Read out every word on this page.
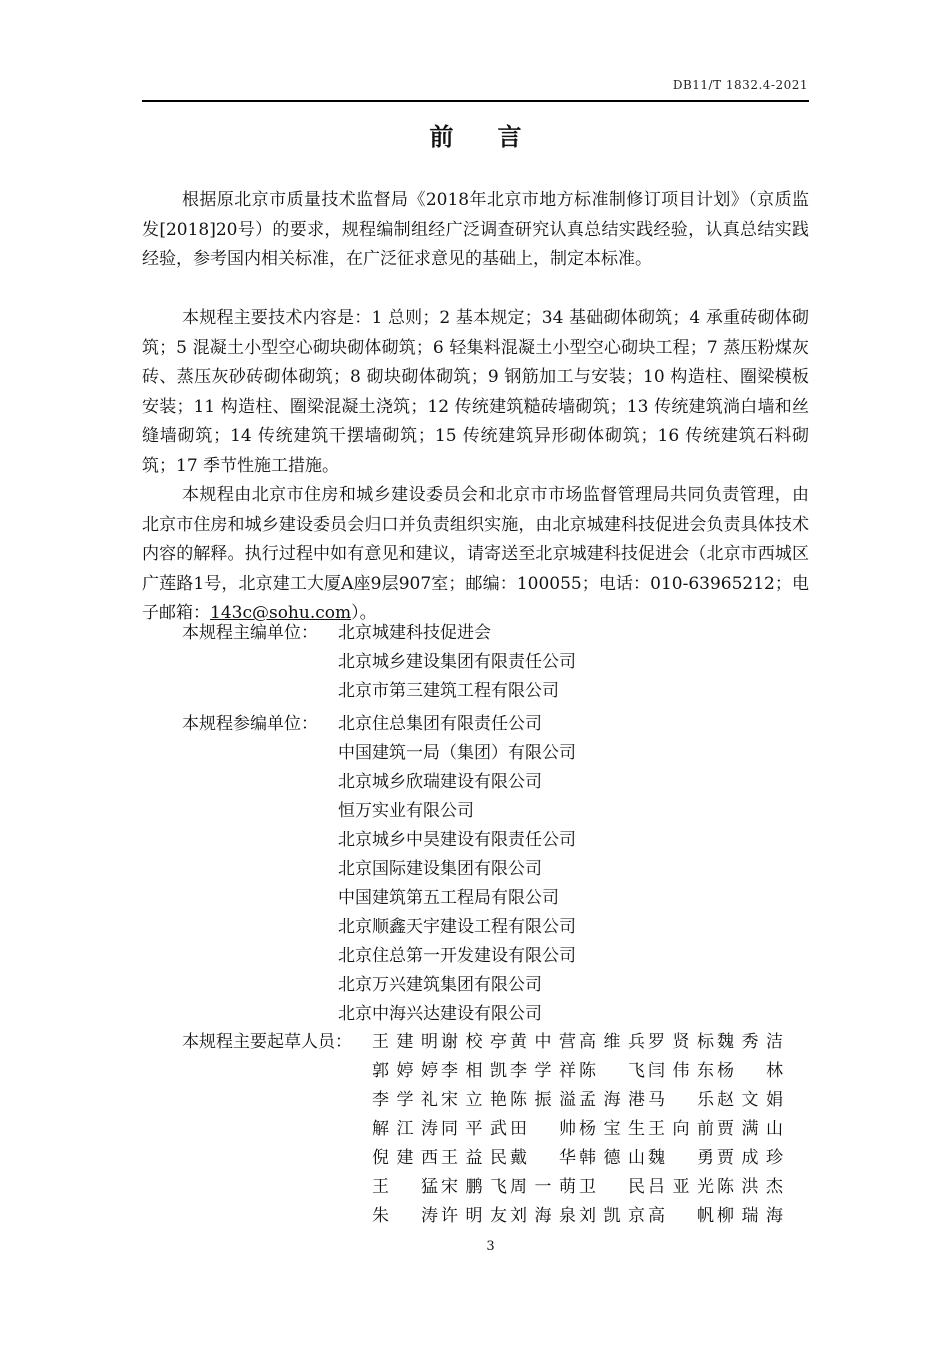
DB11/T 1832.4-2021
前言

根据原北京市质量技术监督局《2018年北京市地方标准制修订项目计划》（京质监发[2018]20号）的要求，规程编制组经广泛调查研究认真总结实践经验，认真总结实践经验，参考国内相关标准，在广泛征求意见的基础上，制定本标准。

本规程主要技术内容是：1 总则；2 基本规定；34 基础砌体砌筑；4 承重砖砌体砌筑；5 混凝土小型空心砌块砌体砌筑；6 轻集料混凝土小型空心砌块工程；7 蒸压粉煤灰砖、蒸压灰砂砖砌体砌筑；8 砌块砌体砌筑；9 钢筋加工与安装；10 构造柱、圈梁模板安装；11 构造柱、圈梁混凝土浇筑；12 传统建筑糙砖墙砌筑；13 传统建筑淌白墙和丝缝墙砌筑；14 传统建筑干摆墙砌筑；15 传统建筑异形砌体砌筑；16 传统建筑石料砌筑；17 季节性施工措施。

本规程由北京市住房和城乡建设委员会和北京市市场监督管理局共同负责管理，由北京市住房和城乡建设委员会归口并负责组织实施，由北京城建科技促进会负责具体技术内容的解释。执行过程中如有意见和建议，请寄送至北京城建科技促进会（北京市西城区广莲路1号，北京建工大厦A座9层907室；邮编：100055；电话：010-63965212；电子邮箱：143c@sohu.com）。

本规程主编单位： 北京城建科技促进会
北京城乡建设集团有限责任公司
北京市第三建筑工程有限公司
本规程参编单位： 北京住总集团有限责任公司
中国建筑一局（集团）有限公司
北京城乡欣瑞建设有限公司
恒万实业有限公司
北京城乡中昊建设有限责任公司
北京国际建设集团有限公司
中国建筑第五工程局有限公司
北京顺鑫天宇建设工程有限公司
北京住总第一开发建设有限公司
北京万兴建筑集团有限公司
北京中海兴达建设有限公司
本规程主要起草人员： 王建明 谢校亭 黄中营 高维兵 罗贤标 魏秀洁
郭婷婷 李相凯 李学祥 陈飞 闫伟东 杨林
李学礼 宋立艳 陈振溢 孟海港 马乐 赵文娟
解江涛 同平武 田帅 杨宝生 王向前 贾满山
倪建西 王益民 戴华 韩德山 魏勇 贾成珍
王猛 宋鹏飞 周一萌 卫民 吕亚光 陈洪杰
朱涛 许明友 刘海泉 刘凯京 高帆 柳瑞海
3
